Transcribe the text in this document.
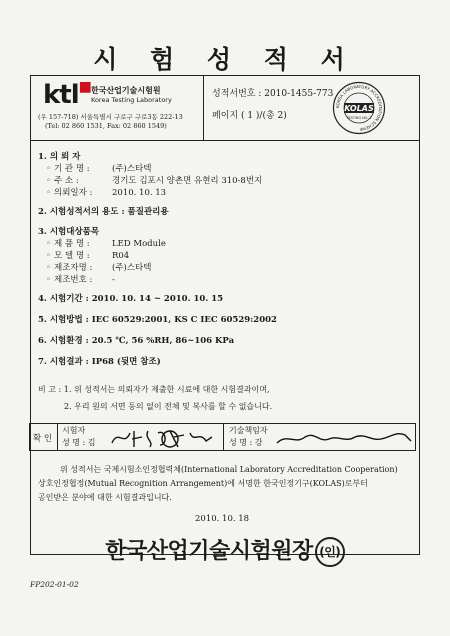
시 험 성 적 서
ktl■ 한국산업기술시험원
Korea Testing Laboratory
(우 157-718) 서울특별시 구로구 구로3동 222-13
(Tel: 02 860 1531, Fax: 02 860 1549)
성적서번호 : 2010-1455-773
페이지 ( 1 )/(총 2)
KOREA LABORATORY ACCREDITATION SCHEME
KOLAS
TESTING NO. 1
1. 의 뢰 자
◦ 기 관 명 :	(주)스타텍
◦ 주 소 :	경기도 김포시 양촌면 유현리 310-8번지
◦ 의뢰일자 : 2010. 10. 13
2. 시험성적서의 용도 : 품질관리용
3. 시험대상품목
◦ 제 품 명 :	LED Module
◦ 모 델 명 :	R04
◦ 제조자명 : (주)스타텍
◦ 제조번호 : -
4. 시험기간 : 2010. 10. 14 ~ 2010. 10. 15
5. 시험방법 : IEC 60529:2001, KS C IEC 60529:2002
6. 시험환경 : 20.5 ℃, 56 %RH, 86~106 KPa
7. 시험결과 : IP68 (뒷면 참조)
비 고 : 1. 위 성적서는 의뢰자가 제출한 시료에 대한 시험결과이며,
2. 우리 원의 서면 동의 없이 전체 및 복사를 할 수 없습니다.
확 인
시험자
성 명 : 김
기술책임자
성 명 : 강
위 성적서는 국제시험소인정협력체(International Laboratory Accreditation Cooperation)
상호인정협정(Mutual Recognition Arrangement)에 서명한 한국인정기구(KOLAS)로부터
공인받은 분야에 대한 시험결과입니다.
2010. 10. 18
한국산업기술시험원장 (인)
FP202-01-02
